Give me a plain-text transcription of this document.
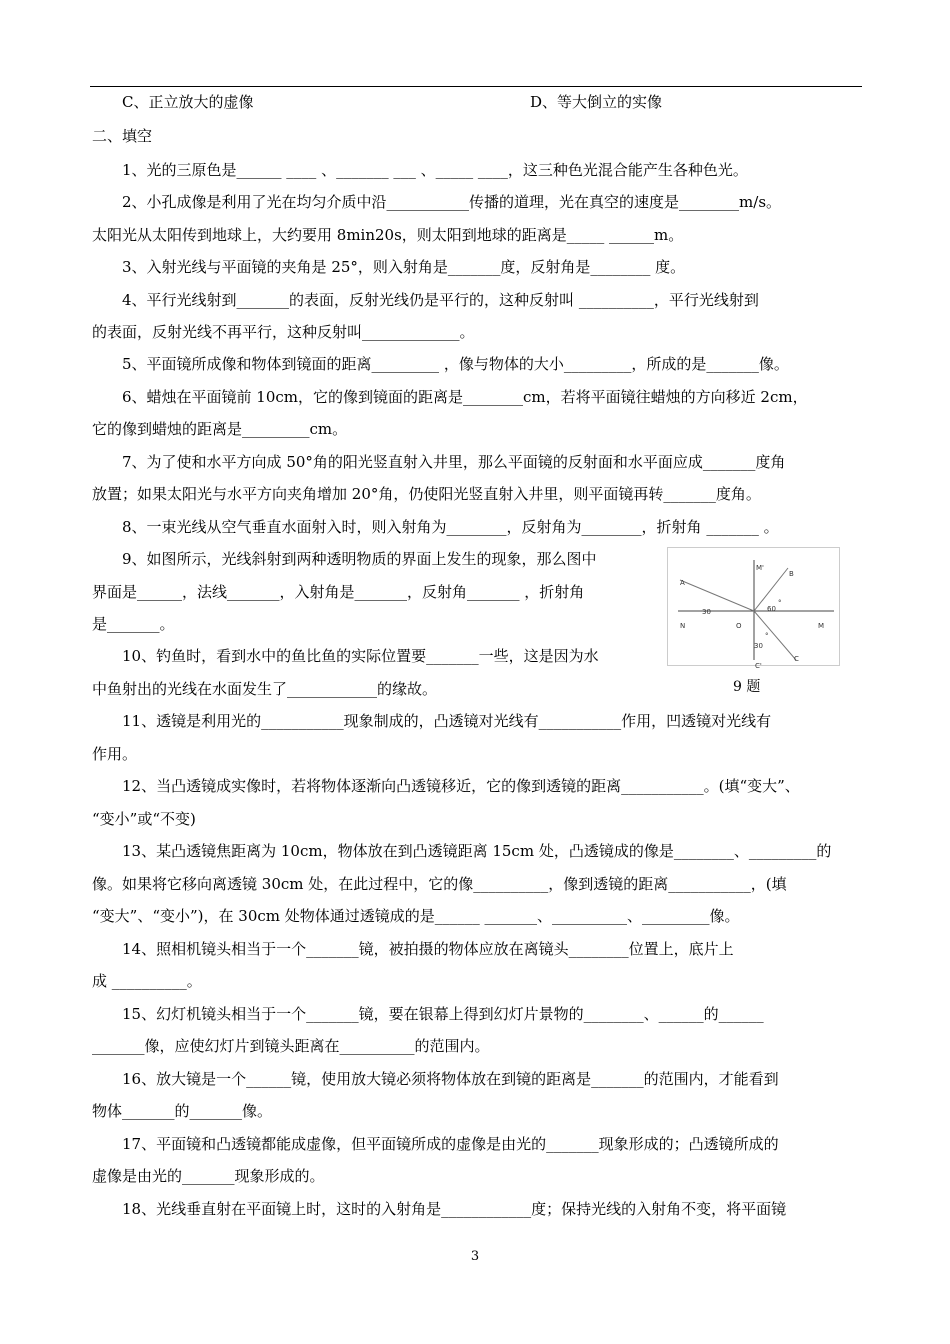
C、正立放大的虚像	D、等大倒立的实像
二、填空
1、光的三原色是______ ____ 、_______ ___ 、_____ ____，这三种色光混合能产生各种色光。
2、小孔成像是利用了光在均匀介质中沿___________传播的道理，光在真空的速度是________m/s。
太阳光从太阳传到地球上，大约要用 8min20s，则太阳到地球的距离是_____ ______m。
3、入射光线与平面镜的夹角是 25°，则入射角是_______度，反射角是________ 度。
4、平行光线射到_______的表面，反射光线仍是平行的，这种反射叫 __________，平行光线射到
的表面，反射光线不再平行，这种反射叫_____________。
5、平面镜所成像和物体到镜面的距离_________ ，像与物体的大小_________，所成的是_______像。
6、蜡烛在平面镜前 10cm，它的像到镜面的距离是________cm，若将平面镜往蜡烛的方向移近 2cm，
它的像到蜡烛的距离是_________cm。
7、为了使和水平方向成 50°角的阳光竖直射入井里，那么平面镜的反射面和水平面应成_______度角
放置；如果太阳光与水平方向夹角增加 20°角，仍使阳光竖直射入井里，则平面镜再转_______度角。
8、一束光线从空气垂直水面射入时，则入射角为________，反射角为________，折射角 _______ 。
9、如图所示，光线斜射到两种透明物质的界面上发生的现象，那么图中
界面是______，法线_______，入射角是_______，反射角_______ ，折射角
是_______。
10、钓鱼时，看到水中的鱼比鱼的实际位置要_______一些，这是因为水
中鱼射出的光线在水面发生了____________的缘故。
11、透镜是利用光的___________现象制成的，凸透镜对光线有___________作用，凹透镜对光线有
作用。
12、当凸透镜成实像时，若将物体逐渐向凸透镜移近，它的像到透镜的距离___________。(填“变大”、
“变小”或“不变)
13、某凸透镜焦距离为 10cm，物体放在到凸透镜距离 15cm 处，凸透镜成的像是________、_________的
像。如果将它移向离透镜 30cm 处，在此过程中，它的像__________，像到透镜的距离___________，(填
“变大”、“变小”)，在 30cm 处物体通过透镜成的是______ _______、__________、_________像。
14、照相机镜头相当于一个_______镜，被拍摄的物体应放在离镜头________位置上，底片上
成 __________。
15、幻灯机镜头相当于一个_______镜，要在银幕上得到幻灯片景物的________、______的______
_______像，应使幻灯片到镜头距离在__________的范围内。
16、放大镜是一个______镜，使用放大镜必须将物体放在到镜的距离是_______的范围内，才能看到
物体_______的_______像。
17、平面镜和凸透镜都能成虚像，但平面镜所成的虚像是由光的_______现象形成的；凸透镜所成的
虚像是由光的_______现象形成的。
18、光线垂直射在平面镜上时，这时的入射角是____________度；保持光线的入射角不变，将平面镜
A
B
C
C'
M'
N	O	M
30	60
30
°
°
9 题
3
